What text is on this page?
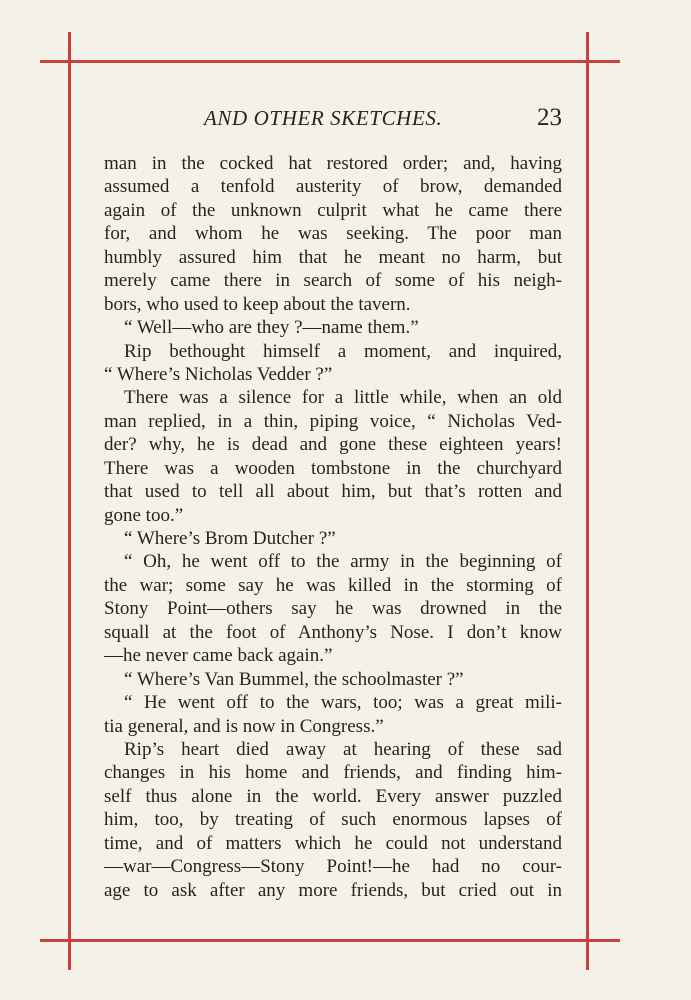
AND OTHER SKETCHES.	23
man in the cocked hat restored order; and, having
assumed a tenfold austerity of brow, demanded
again of the unknown culprit what he came there
for, and whom he was seeking. The poor man
humbly assured him that he meant no harm, but
merely came there in search of some of his neigh-
bors, who used to keep about the tavern.
“ Well—who are they ?—name them.”
Rip bethought himself a moment, and inquired,
“ Where’s Nicholas Vedder ?”
There was a silence for a little while, when an old
man replied, in a thin, piping voice, “ Nicholas Ved-
der? why, he is dead and gone these eighteen years!
There was a wooden tombstone in the churchyard
that used to tell all about him, but that’s rotten and
gone too.”
“ Where’s Brom Dutcher ?”
“ Oh, he went off to the army in the beginning of
the war; some say he was killed in the storming of
Stony Point—others say he was drowned in the
squall at the foot of Anthony’s Nose. I don’t know
—he never came back again.”
“ Where’s Van Bummel, the schoolmaster ?”
“ He went off to the wars, too; was a great mili-
tia general, and is now in Congress.”
Rip’s heart died away at hearing of these sad
changes in his home and friends, and finding him-
self thus alone in the world. Every answer puzzled
him, too, by treating of such enormous lapses of
time, and of matters which he could not understand
—war—Congress—Stony Point!—he had no cour-
age to ask after any more friends, but cried out in
